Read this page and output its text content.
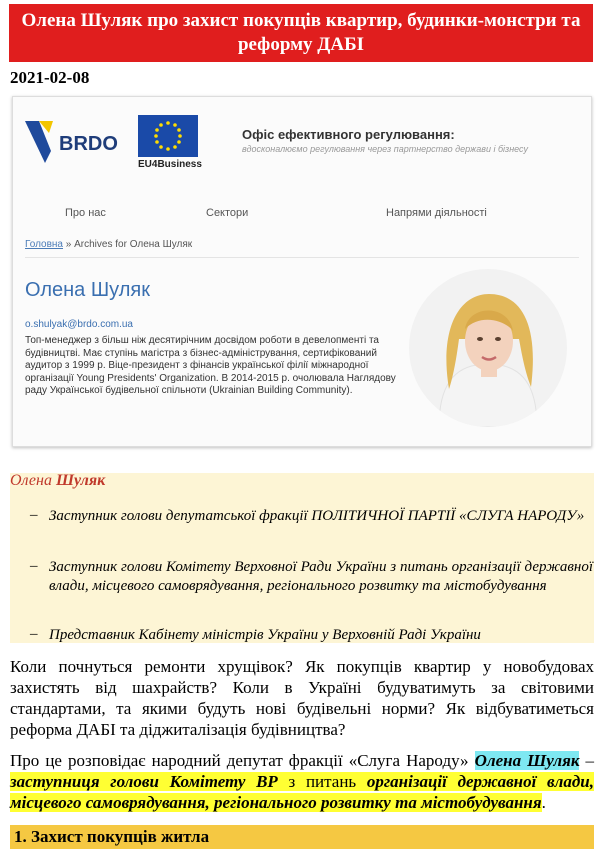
Олена Шуляк про захист покупців квартир, будинки-монстри та реформу ДАБІ
2021-02-08
BRDO
EU4Business
Офіс ефективного регулювання:
вдосконалюємо регулювання через партнерство держави і бізнесу
Про нас	Сектори	Напрями діяльності
Головна » Archives for Олена Шуляк
Олена Шуляк
o.shulyak@brdo.com.ua
Топ-менеджер з більш ніж десятирічним досвідом роботи в девелопменті та будівництві. Має ступінь магістра з бізнес-адміністрування, сертифікований аудитор з 1999 р. Віце-президент з фінансів української філії міжнародної організації Young Presidents' Organization. В 2014-2015 р. очолювала Наглядову раду Української будівельної спільноти (Ukrainian Building Community).
Олена Шуляк
– Заступник голови депутатської фракції ПОЛІТИЧНОЇ ПАРТІЇ «СЛУГА НАРОДУ»
– Заступник голови Комітету Верховної Ради України з питань організації державної влади, місцевого самоврядування, регіонального розвитку та містобудування
– Представник Кабінету міністрів України у Верховній Раді України
Коли почнуться ремонти хрущівок? Як покупців квартир у новобудовах захистять від шахрайств? Коли в Україні будуватимуть за світовими стандартами, та якими будуть нові будівельні норми? Як відбуватиметься реформа ДАБІ та діджиталізація будівництва?
Про це розповідає народний депутат фракції «Слуга Народу» Олена Шуляк – заступниця голови Комітету ВР з питань організації державної влади, місцевого самоврядування, регіонального розвитку та містобудування.
1. Захист покупців житла
